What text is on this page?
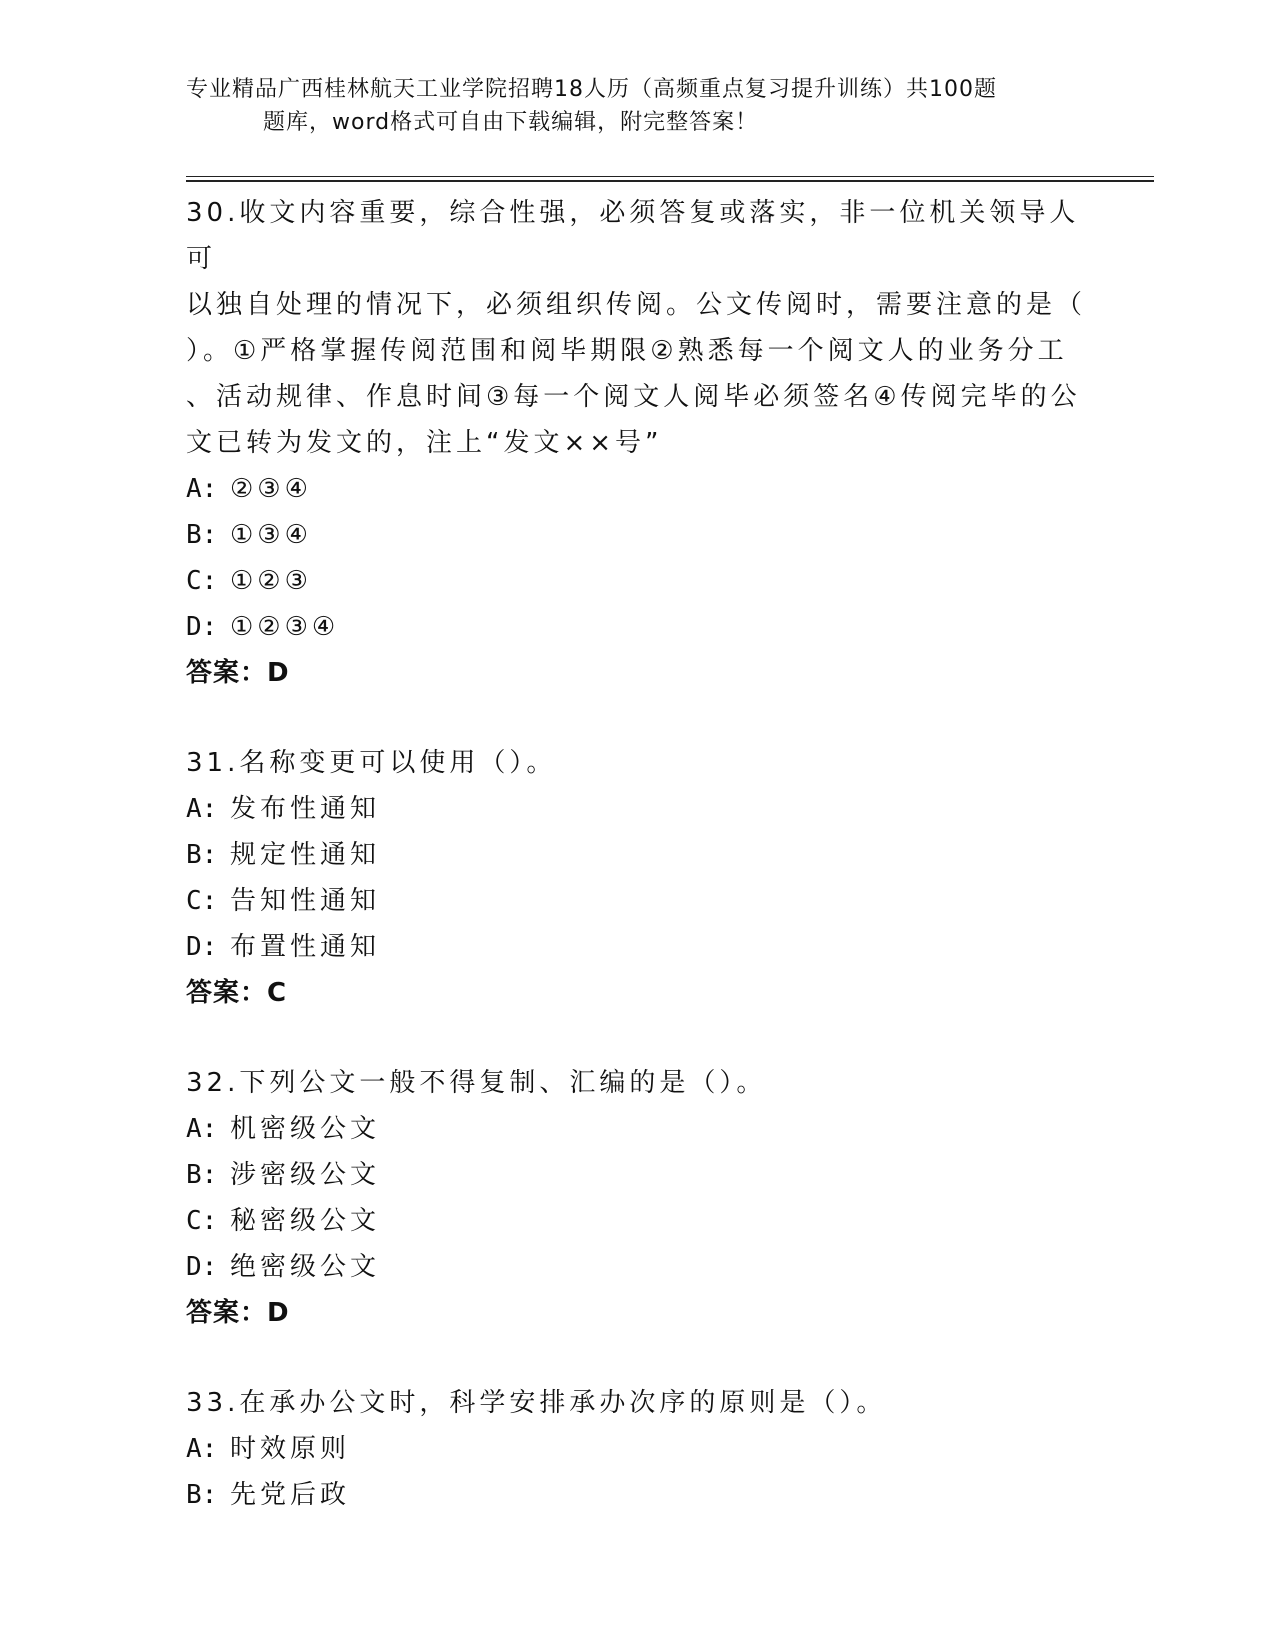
专业精品广西桂林航天工业学院招聘18人历（高频重点复习提升训练）共100题
题库，word格式可自由下载编辑，附完整答案！
30.收文内容重要，综合性强，必须答复或落实，非一位机关领导人可
以独自处理的情况下，必须组织传阅。公文传阅时，需要注意的是（
）。①严格掌握传阅范围和阅毕期限②熟悉每一个阅文人的业务分工
、活动规律、作息时间③每一个阅文人阅毕必须签名④传阅完毕的公
文已转为发文的，注上“发文××号”
A: ②③④
B: ①③④
C: ①②③
D: ①②③④
答案：D
31.名称变更可以使用（）。
A: 发布性通知
B: 规定性通知
C: 告知性通知
D: 布置性通知
答案：C
32.下列公文一般不得复制、汇编的是（）。
A: 机密级公文
B: 涉密级公文
C: 秘密级公文
D: 绝密级公文
答案：D
33.在承办公文时，科学安排承办次序的原则是（）。
A: 时效原则
B: 先党后政
